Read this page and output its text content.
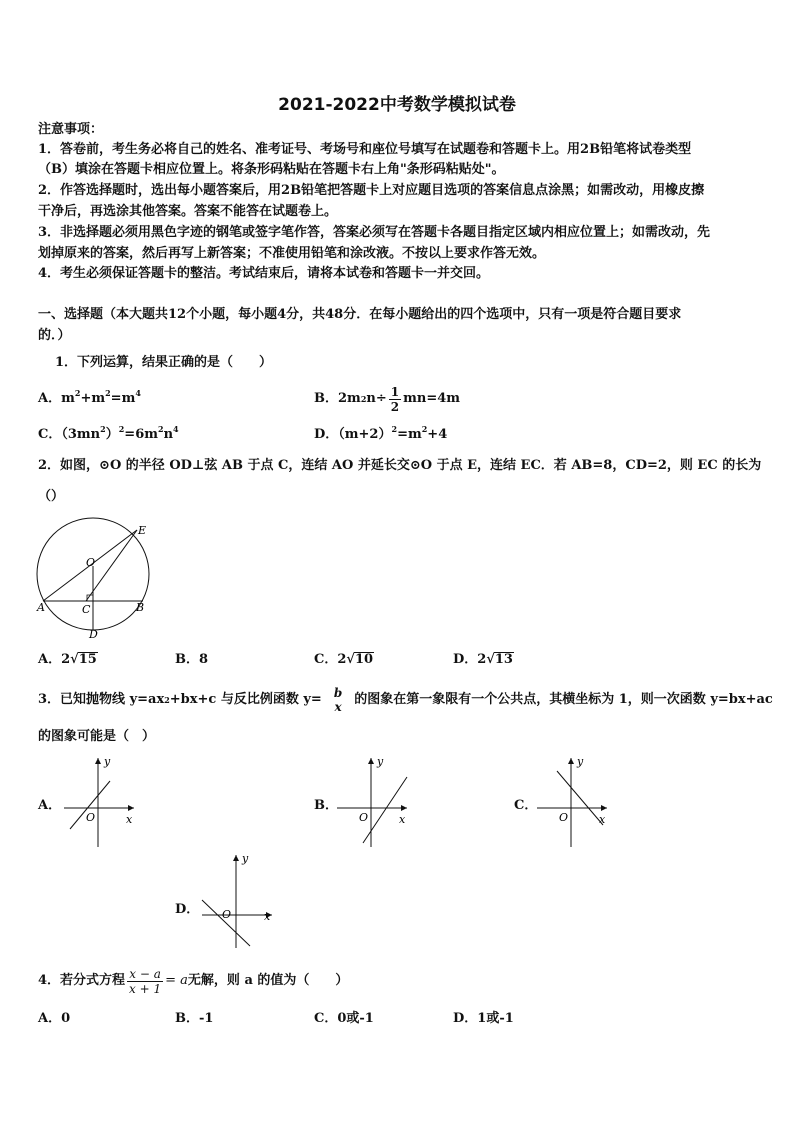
2021-2022中考数学模拟试卷
注意事项：
1．答卷前，考生务必将自己的姓名、准考证号、考场号和座位号填写在试题卷和答题卡上。用2B铅笔将试卷类型
（B）填涂在答题卡相应位置上。将条形码粘贴在答题卡右上角"条形码粘贴处"。
2．作答选择题时，选出每小题答案后，用2B铅笔把答题卡上对应题目选项的答案信息点涂黑；如需改动，用橡皮擦
干净后，再选涂其他答案。答案不能答在试题卷上。
3．非选择题必须用黑色字迹的钢笔或签字笔作答，答案必须写在答题卡各题目指定区域内相应位置上；如需改动，先
划掉原来的答案，然后再写上新答案；不准使用铅笔和涂改液。不按以上要求作答无效。
4．考生必须保证答题卡的整洁。考试结束后，请将本试卷和答题卡一并交回。
一、选择题（本大题共12个小题，每小题4分，共48分．在每小题给出的四个选项中，只有一项是符合题目要求
的．）
1．下列运算，结果正确的是（　　）
A．$m^2+m^2=m^4$	B． 2m 2 $n\div \frac{1}{2} mn=4m$
C．$(3mn^2)^2=6m^2n^4$	D．$(m+2)^2=m^2+4$
2．如图，⊙O 的半径 OD⊥弦 AB 于点 C，连结 AO 并延长交⊙O 于点 E，连结 EC．若 AB=8，CD=2，则 EC 的长为
（）
O
E
A	B
C
D
A．2√15	B．8	C．2√10	D．2√13
3．已知抛物线 y=ax 2 +bx+c 与反比例函数 y= b
x 的图象在第一象限有一个公共点，其横坐标为 1，则一次函数 y=bx+ac
的图象可能是（　）
A．
y
x
O
B．
y
x
O
C．
y
x
O
D．
y
x
O
4．若分式方程 $\frac{x - a}{x + 1} = a$ 无解，则 a 的值为（　　）
A．0	B．-1	C．0或-1	D．1或-1
